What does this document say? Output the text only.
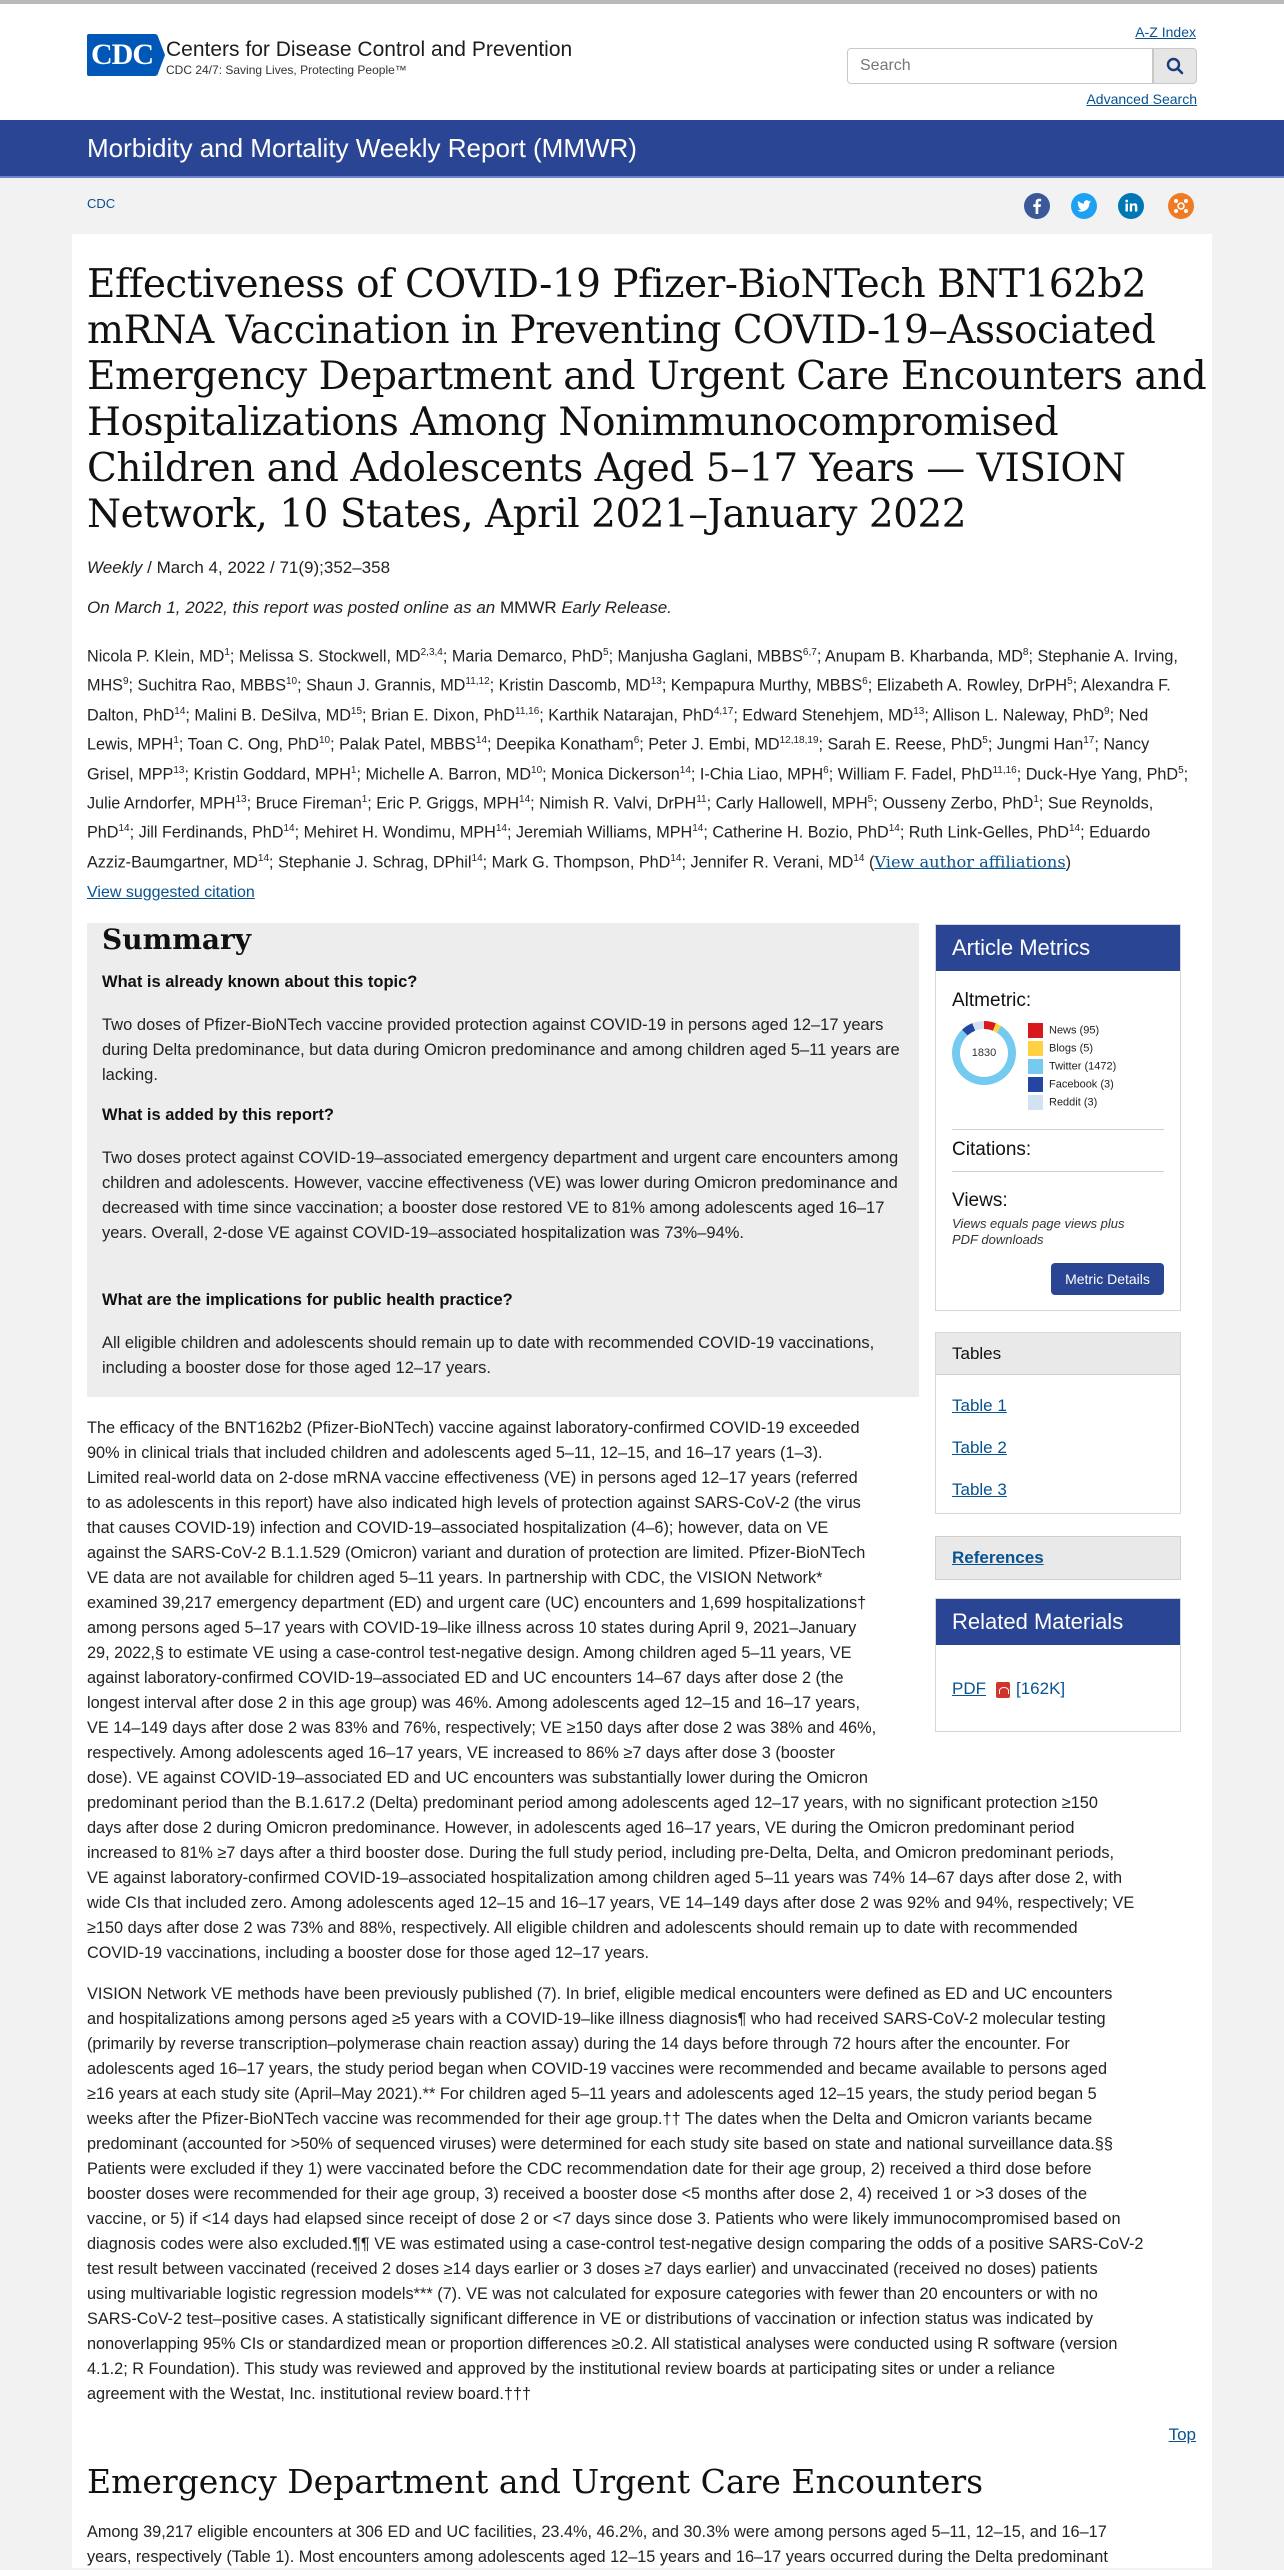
CDC Centers for Disease Control and Prevention
CDC 24/7: Saving Lives, Protecting People™
A-Z Index
Search
Advanced Search
Morbidity and Mortality Weekly Report (MMWR)
CDC
Effectiveness of COVID-19 Pfizer-BioNTech BNT162b2 mRNA Vaccination in Preventing COVID-19–Associated Emergency Department and Urgent Care Encounters and Hospitalizations Among Nonimmunocompromised Children and Adolescents Aged 5–17 Years — VISION Network, 10 States, April 2021–January 2022
Weekly / March 4, 2022 / 71(9);352–358
On March 1, 2022, this report was posted online as an MMWR Early Release.

Nicola P. Klein, $MD^1$; Melissa S. Stockwell, MD$^{2,3,4}$; Maria Demarco, PhD$^5$; Manjusha Gaglani, MBBS$^{6,7}$; Anupam B. Kharbanda, $MD^8$; Stephanie A. Irving, MHS$^9$; Suchitra Rao, MBBS$^{10}$; Shaun J. Grannis, MD$^{11,12}$; Kristin Dascomb, MD$^{13}$; Kempapura Murthy, MBBS$^6$; Elizabeth A. Rowley, DrPH$^5$; Alexandra F. Dalton, PhD$^{14}$; Malini B. DeSilva, MD$^{15}$; Brian E. Dixon, PhD$^{11,16}$; Karthik Natarajan, PhD$^{4,17}$; Edward Stenehjem, MD$^{13}$; Allison L. Naleway, PhD$^9$; Ned Lewis, MPH$^1$; Toan C. Ong, PhD$^{10}$; Palak Patel, MBBS$^{14}$; Deepika Konatham$^6$; Peter J. Embi, MD$^{12,18,19}$; Sarah E. Reese, PhD$^5$; Jungmi Han$^{17}$; Nancy Grisel, MPP$^{13}$; Kristin Goddard, MPH$^1$; Michelle A. Barron, MD$^{10}$; Monica Dickerson$^{14}$; I-Chia Liao, MPH$^6$; William F. Fadel, PhD$^{11,16}$; Duck-Hye Yang, PhD$^5$; Julie Arndorfer, MPH$^{13}$; Bruce Fireman$^1$; Eric P. Griggs, MPH$^{14}$; Nimish R. Valvi, DrPH$^{11}$; Carly Hallowell, MPH$^5$; Ousseny Zerbo, PhD$^1$; Sue Reynolds, PhD$^{14}$; Jill Ferdinands, PhD$^{14}$; Mehiret H. Wondimu, MPH$^{14}$; Jeremiah Williams, MPH$^{14}$; Catherine H. Bozio, PhD$^{14}$; Ruth Link-Gelles, PhD$^{14}$; Eduardo Azziz-Baumgartner, MD$^{14}$; Stephanie J. Schrag, DPhil$^{14}$; Mark G. Thompson, PhD$^{14}$; Jennifer R. Verani, MD$^{14}$ (View author affiliations)

View suggested citation
Summary
What is already known about this topic?

Two doses of Pfizer-BioNTech vaccine provided protection against COVID-19 in persons aged 12–17 years during Delta predominance, but data during Omicron predominance and among children aged 5–11 years are lacking.

What is added by this report?

Two doses protect against COVID-19–associated emergency department and urgent care encounters among children and adolescents. However, vaccine effectiveness (VE) was lower during Omicron predominance and decreased with time since vaccination; a booster dose restored VE to 81% among adolescents aged 16–17 years. Overall, 2-dose VE against COVID-19–associated hospitalization was 73%–94%.

What are the implications for public health practice?

All eligible children and adolescents should remain up to date with recommended COVID-19 vaccinations, including a booster dose for those aged 12–17 years.

Article Metrics
Altmetric:
1830
News (95)
Blogs (5)
Twitter (1472)
Facebook (3)
Reddit (3)
Citations:
Views:

Views equals page views plus PDF downloads

Metric Details
Tables
Table 1
Table 2
Table 3
References
Related Materials
PDF [162K]
The efficacy of the BNT162b2 (Pfizer-BioNTech) vaccine against laboratory-confirmed COVID-19 exceeded
90% in clinical trials that included children and adolescents aged 5–11, 12–15, and 16–17 years (1–3).
Limited real-world data on 2-dose mRNA vaccine effectiveness (VE) in persons aged 12–17 years (referred
to as adolescents in this report) have also indicated high levels of protection against SARS-CoV-2 (the virus
that causes COVID-19) infection and COVID-19–associated hospitalization (4–6); however, data on VE
against the SARS-CoV-2 B.1.1.529 (Omicron) variant and duration of protection are limited. Pfizer-BioNTech
VE data are not available for children aged 5–11 years. In partnership with CDC, the VISION Network*
examined 39,217 emergency department (ED) and urgent care (UC) encounters and 1,699 hospitalizations†
among persons aged 5–17 years with COVID-19–like illness across 10 states during April 9, 2021–January
29, 2022,§ to estimate VE using a case-control test-negative design. Among children aged 5–11 years, VE
against laboratory-confirmed COVID-19–associated ED and UC encounters 14–67 days after dose 2 (the
longest interval after dose 2 in this age group) was 46%. Among adolescents aged 12–15 and 16–17 years,
VE 14–149 days after dose 2 was 83% and 76%, respectively; VE ≥150 days after dose 2 was 38% and 46%,
respectively. Among adolescents aged 16–17 years, VE increased to 86% ≥7 days after dose 3 (booster
dose). VE against COVID-19–associated ED and UC encounters was substantially lower during the Omicron
predominant period than the B.1.617.2 (Delta) predominant period among adolescents aged 12–17 years, with no significant protection ≥150
days after dose 2 during Omicron predominance. However, in adolescents aged 16–17 years, VE during the Omicron predominant period
increased to 81% ≥7 days after a third booster dose. During the full study period, including pre-Delta, Delta, and Omicron predominant periods,
VE against laboratory-confirmed COVID-19–associated hospitalization among children aged 5–11 years was 74% 14–67 days after dose 2, with
wide CIs that included zero. Among adolescents aged 12–15 and 16–17 years, VE 14–149 days after dose 2 was 92% and 94%, respectively; VE
≥150 days after dose 2 was 73% and 88%, respectively. All eligible children and adolescents should remain up to date with recommended
COVID-19 vaccinations, including a booster dose for those aged 12–17 years.
VISION Network VE methods have been previously published (7). In brief, eligible medical encounters were defined as ED and UC encounters
and hospitalizations among persons aged ≥5 years with a COVID-19–like illness diagnosis¶ who had received SARS-CoV-2 molecular testing
(primarily by reverse transcription–polymerase chain reaction assay) during the 14 days before through 72 hours after the encounter. For
adolescents aged 16–17 years, the study period began when COVID-19 vaccines were recommended and became available to persons aged
≥16 years at each study site (April–May 2021).** For children aged 5–11 years and adolescents aged 12–15 years, the study period began 5
weeks after the Pfizer-BioNTech vaccine was recommended for their age group.†† The dates when the Delta and Omicron variants became
predominant (accounted for >50% of sequenced viruses) were determined for each study site based on state and national surveillance data.§§
Patients were excluded if they 1) were vaccinated before the CDC recommendation date for their age group, 2) received a third dose before
booster doses were recommended for their age group, 3) received a booster dose <5 months after dose 2, 4) received 1 or >3 doses of the
vaccine, or 5) if <14 days had elapsed since receipt of dose 2 or <7 days since dose 3. Patients who were likely immunocompromised based on
diagnosis codes were also excluded.¶¶ VE was estimated using a case-control test-negative design comparing the odds of a positive SARS-CoV-2
test result between vaccinated (received 2 doses ≥14 days earlier or 3 doses ≥7 days earlier) and unvaccinated (received no doses) patients
using multivariable logistic regression models*** (7). VE was not calculated for exposure categories with fewer than 20 encounters or with no
SARS-CoV-2 test–positive cases. A statistically significant difference in VE or distributions of vaccination or infection status was indicated by
nonoverlapping 95% CIs or standardized mean or proportion differences ≥0.2. All statistical analyses were conducted using R software (version
4.1.2; R Foundation). This study was reviewed and approved by the institutional review boards at participating sites or under a reliance
agreement with the Westat, Inc. institutional review board.†††
Among 39,217 eligible encounters at 306 ED and UC facilities, 23.4%, 46.2%, and 30.3% were among persons aged 5–11, 12–15, and 16–17
years, respectively (Table 1). Most encounters among adolescents aged 12–15 years and 16–17 years occurred during the Delta predominant
Top
Emergency Department and Urgent Care Encounters
